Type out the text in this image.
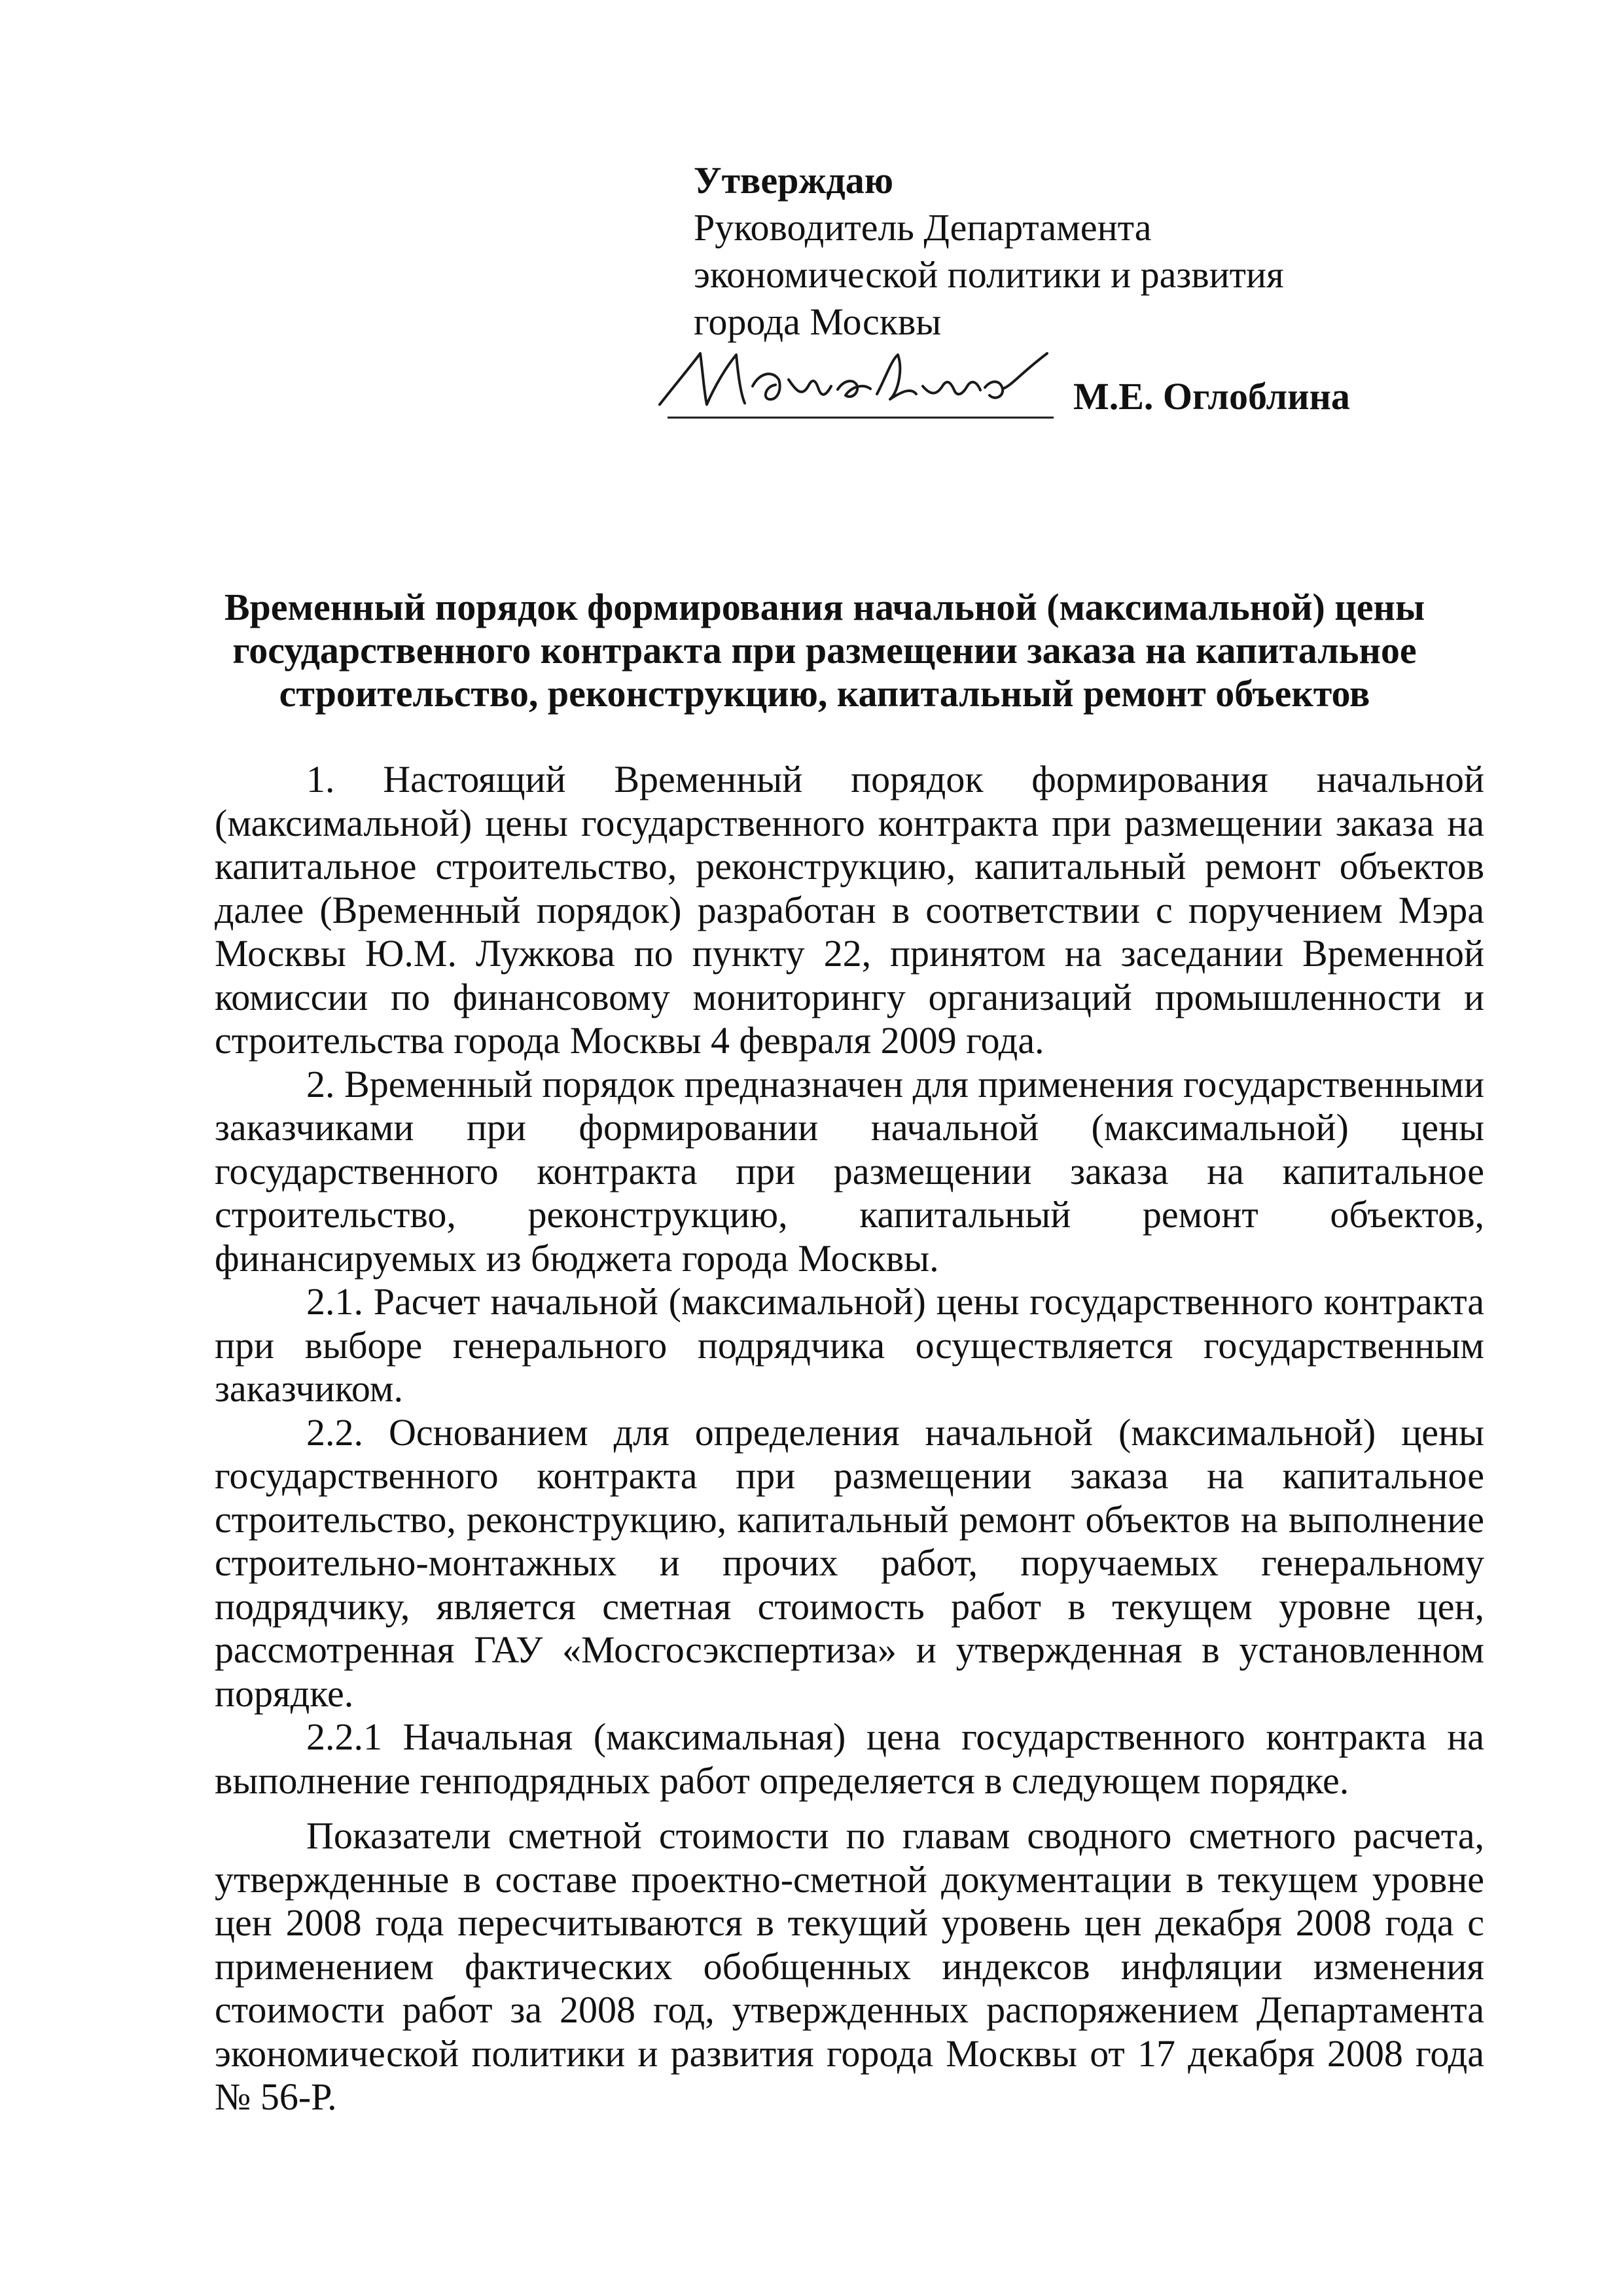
Утверждаю

Руководитель Департамента

экономической политики и развития

города Москвы

М.Е. Оглоблина

Временный порядок формирования начальной (максимальной) цены государственного контракта при размещении заказа на капитальное строительство, реконструкцию, капитальный ремонт объектов

1. Настоящий Временный порядок формирования начальной (максимальной) цены государственного контракта при размещении заказа на капитальное строительство, реконструкцию, капитальный ремонт объектов далее (Временный порядок) разработан в соответствии с поручением Мэра Москвы Ю.М. Лужкова по пункту 22, принятом на заседании Временной комиссии по финансовому мониторингу организаций промышленности и строительства города Москвы 4 февраля 2009 года.

2. Временный порядок предназначен для применения государственными заказчиками при формировании начальной (максимальной) цены государственного контракта при размещении заказа на капитальное строительство, реконструкцию, капитальный ремонт объектов, финансируемых из бюджета города Москвы.

2.1. Расчет начальной (максимальной) цены государственного контракта при выборе генерального подрядчика осуществляется государственным заказчиком.

2.2. Основанием для определения начальной (максимальной) цены государственного контракта при размещении заказа на капитальное строительство, реконструкцию, капитальный ремонт объектов на выполнение строительно-монтажных и прочих работ, поручаемых генеральному подрядчику, является сметная стоимость работ в текущем уровне цен, рассмотренная ГАУ «Мосгосэкспертиза» и утвержденная в установленном порядке.

2.2.1 Начальная (максимальная) цена государственного контракта на выполнение генподрядных работ определяется в следующем порядке.

Показатели сметной стоимости по главам сводного сметного расчета, утвержденные в составе проектно-сметной документации в текущем уровне цен 2008 года пересчитываются в текущий уровень цен декабря 2008 года с применением фактических обобщенных индексов инфляции изменения стоимости работ за 2008 год, утвержденных распоряжением Департамента экономической политики и развития города Москвы от 17 декабря 2008 года № 56-Р.
